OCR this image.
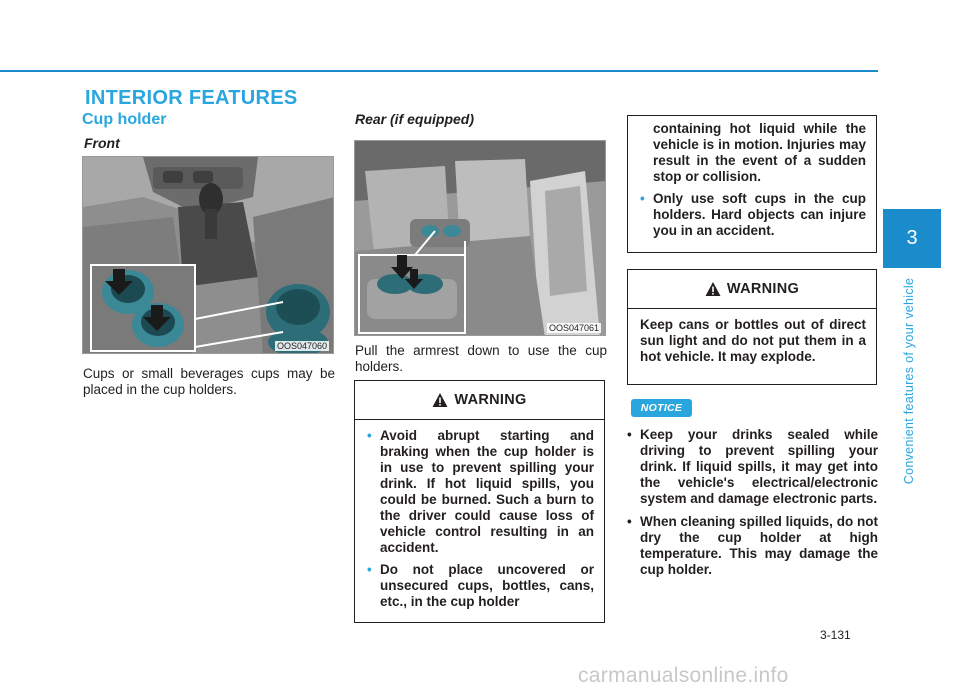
INTERIOR FEATURES
Cup holder
Front
OOS047060
Cups or small beverages cups may be placed in the cup holders.
Rear (if equipped)
OOS047061
Pull the armrest down to use the cup holders.
WARNING
• Avoid abrupt starting and braking when the cup holder is in use to prevent spilling your drink. If hot liquid spills, you could be burned. Such a burn to the driver could cause loss of vehicle control resulting in an accident.
• Do not place uncovered or unsecured cups, bottles, cans, etc., in the cup holder
containing hot liquid while the vehicle is in motion. Injuries may result in the event of a sudden stop or collision.
• Only use soft cups in the cup holders. Hard objects can injure you in an accident.
WARNING

Keep cans or bottles out of direct sun light and do not put them in a hot vehicle. It may explode.

NOTICE
• Keep your drinks sealed while driving to prevent spilling your drink. If liquid spills, it may get into the vehicle's electrical/electronic system and damage electronic parts.
• When cleaning spilled liquids, do not dry the cup holder at high temperature. This may damage the cup holder.
3
Convenient features of your vehicle
3-131
carmanualsonline.info
